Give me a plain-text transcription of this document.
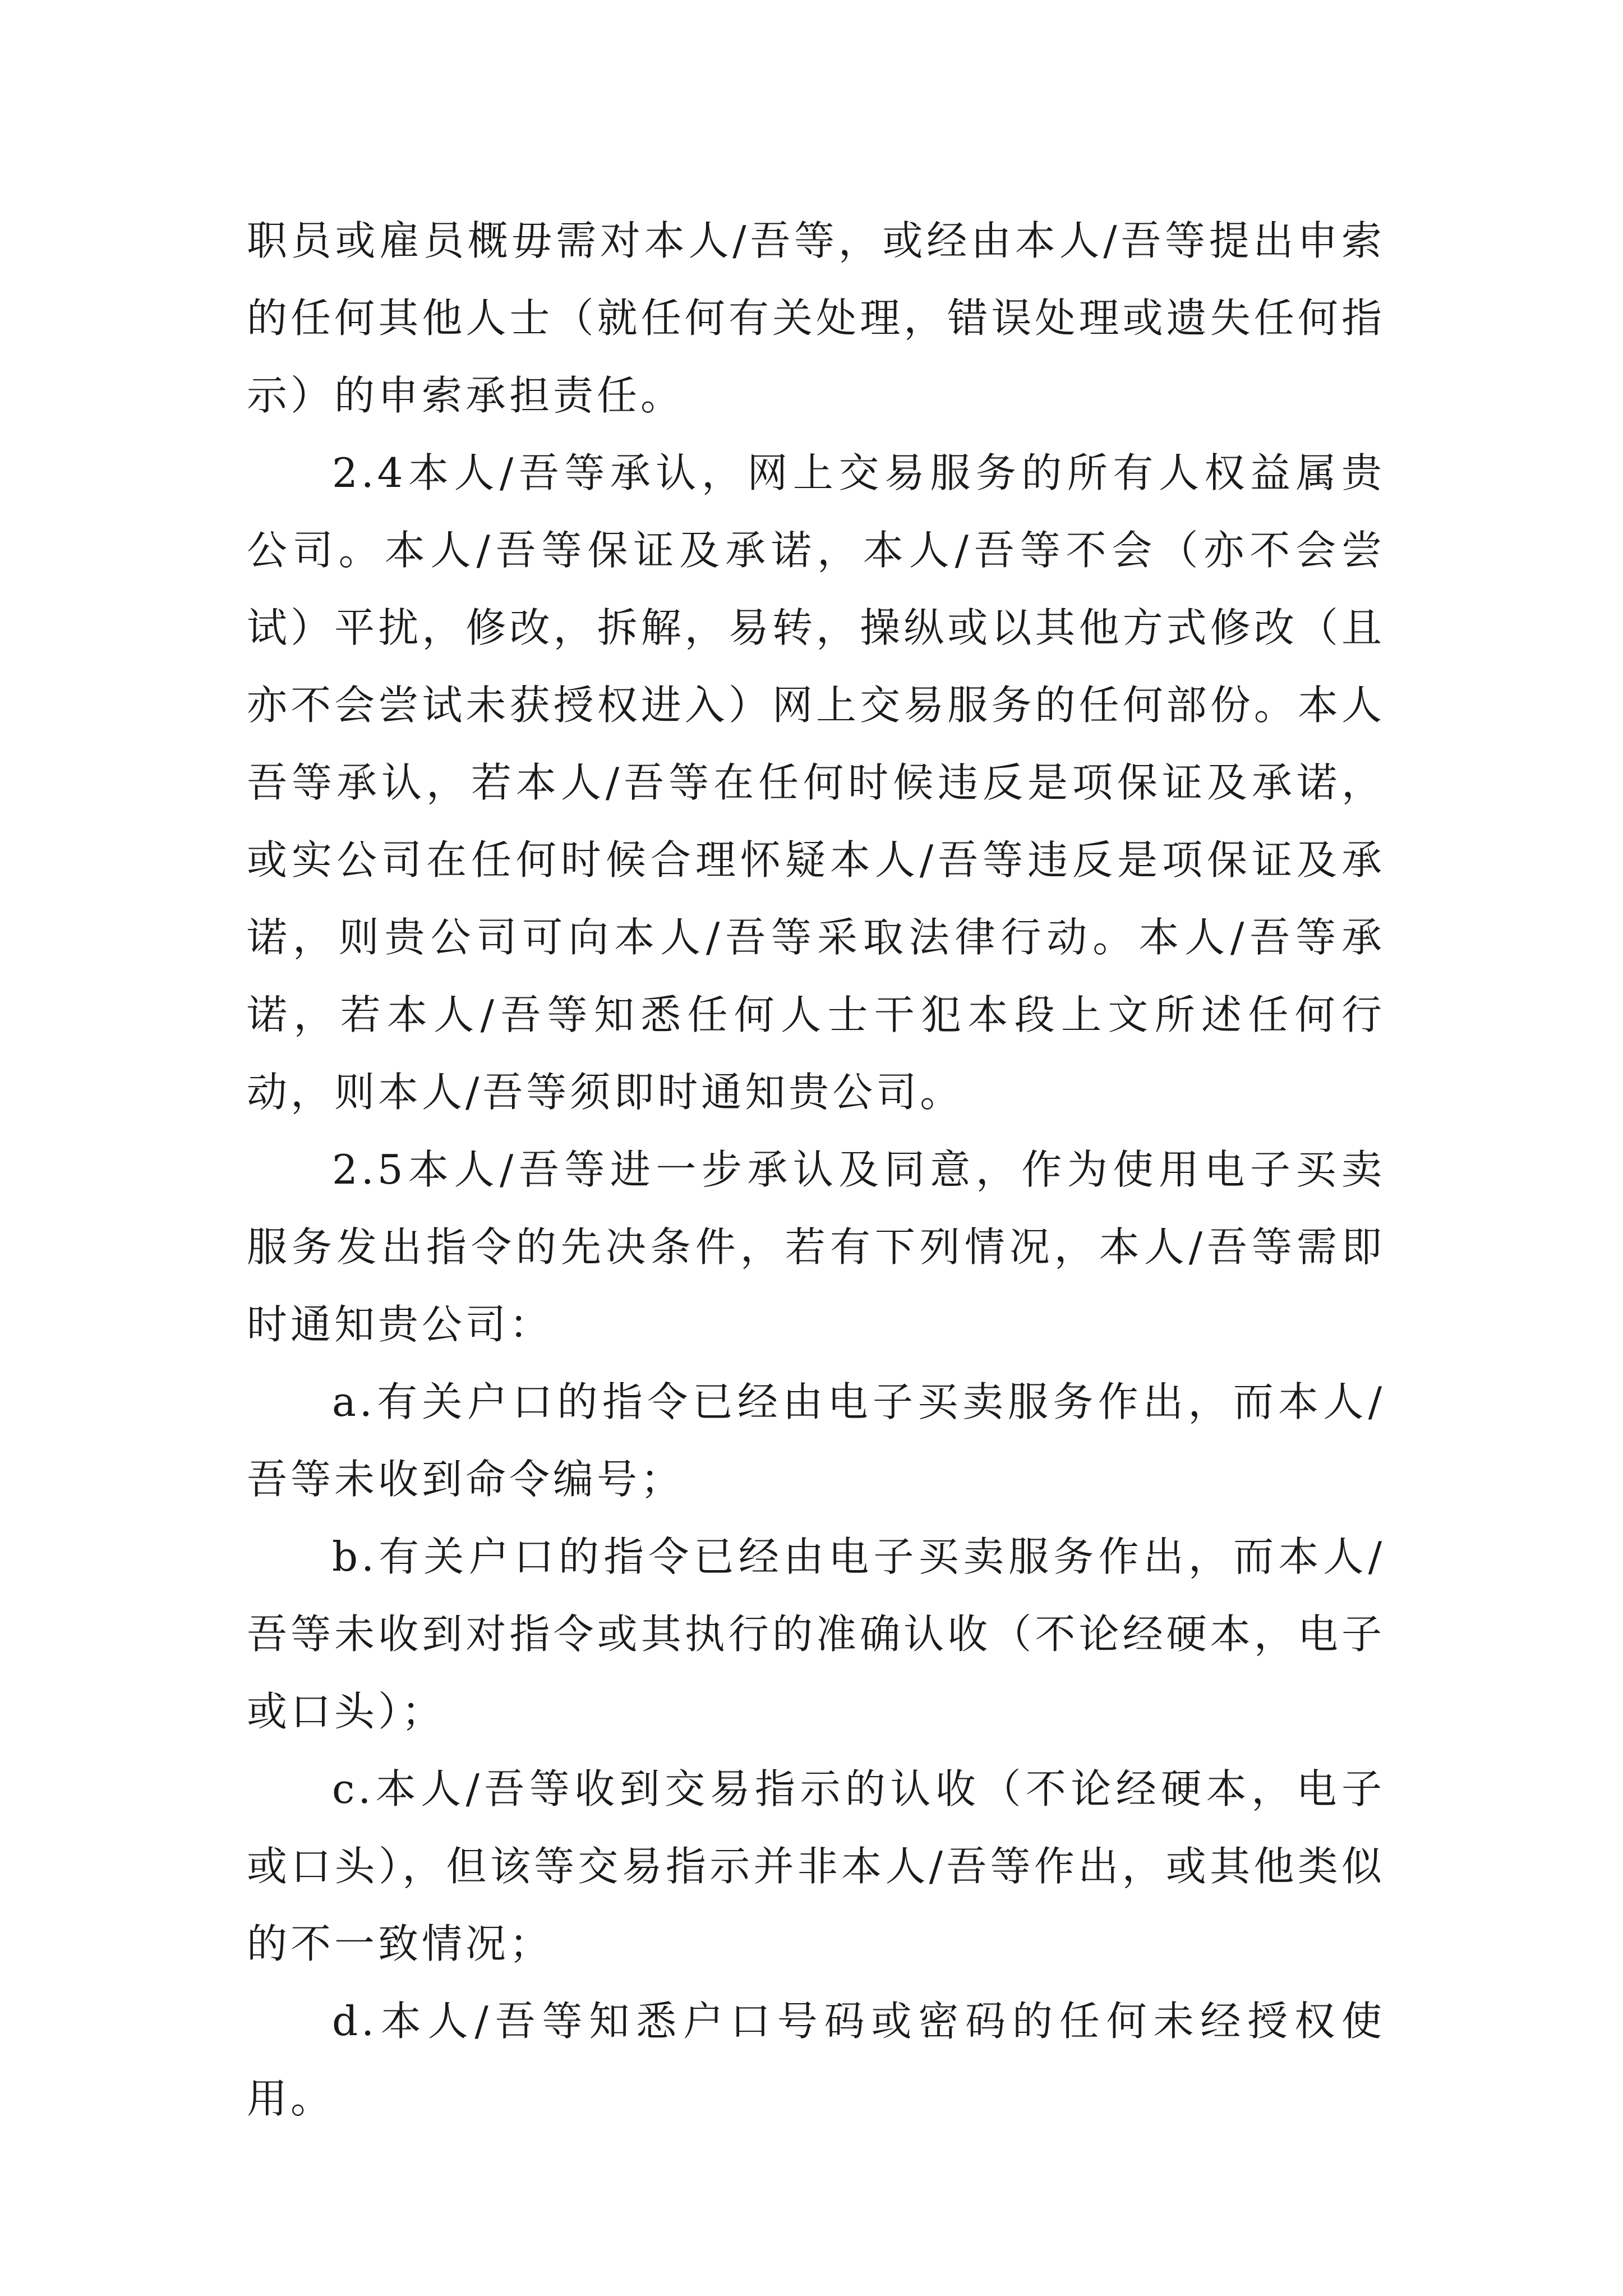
职员或雇员概毋需对本人/吾等，或经由本人/吾等提出申索的任何其他人士（就任何有关处理，错误处理或遗失任何指示）的申索承担责任。

2.4本人/吾等承认，网上交易服务的所有人权益属贵公司。本人/吾等保证及承诺，本人/吾等不会（亦不会尝试）平扰，修改，拆解，易转，操纵或以其他方式修改（且亦不会尝试未获授权进入）网上交易服务的任何部份。本人吾等承认，若本人/吾等在任何时候违反是项保证及承诺，或实公司在任何时候合理怀疑本人/吾等违反是项保证及承诺，则贵公司可向本人/吾等采取法律行动。本人/吾等承诺，若本人/吾等知悉任何人士干犯本段上文所述任何行动，则本人/吾等须即时通知贵公司。

2.5本人/吾等进一步承认及同意，作为使用电子买卖服务发出指令的先决条件，若有下列情况，本人/吾等需即时通知贵公司：

a.有关户口的指令已经由电子买卖服务作出，而本人/吾等未收到命令编号；

b.有关户口的指令已经由电子买卖服务作出，而本人/吾等未收到对指令或其执行的准确认收（不论经硬本，电子或口头）；

c.本人/吾等收到交易指示的认收（不论经硬本，电子或口头），但该等交易指示并非本人/吾等作出，或其他类似的不一致情况；

d.本人/吾等知悉户口号码或密码的任何未经授权使用。
